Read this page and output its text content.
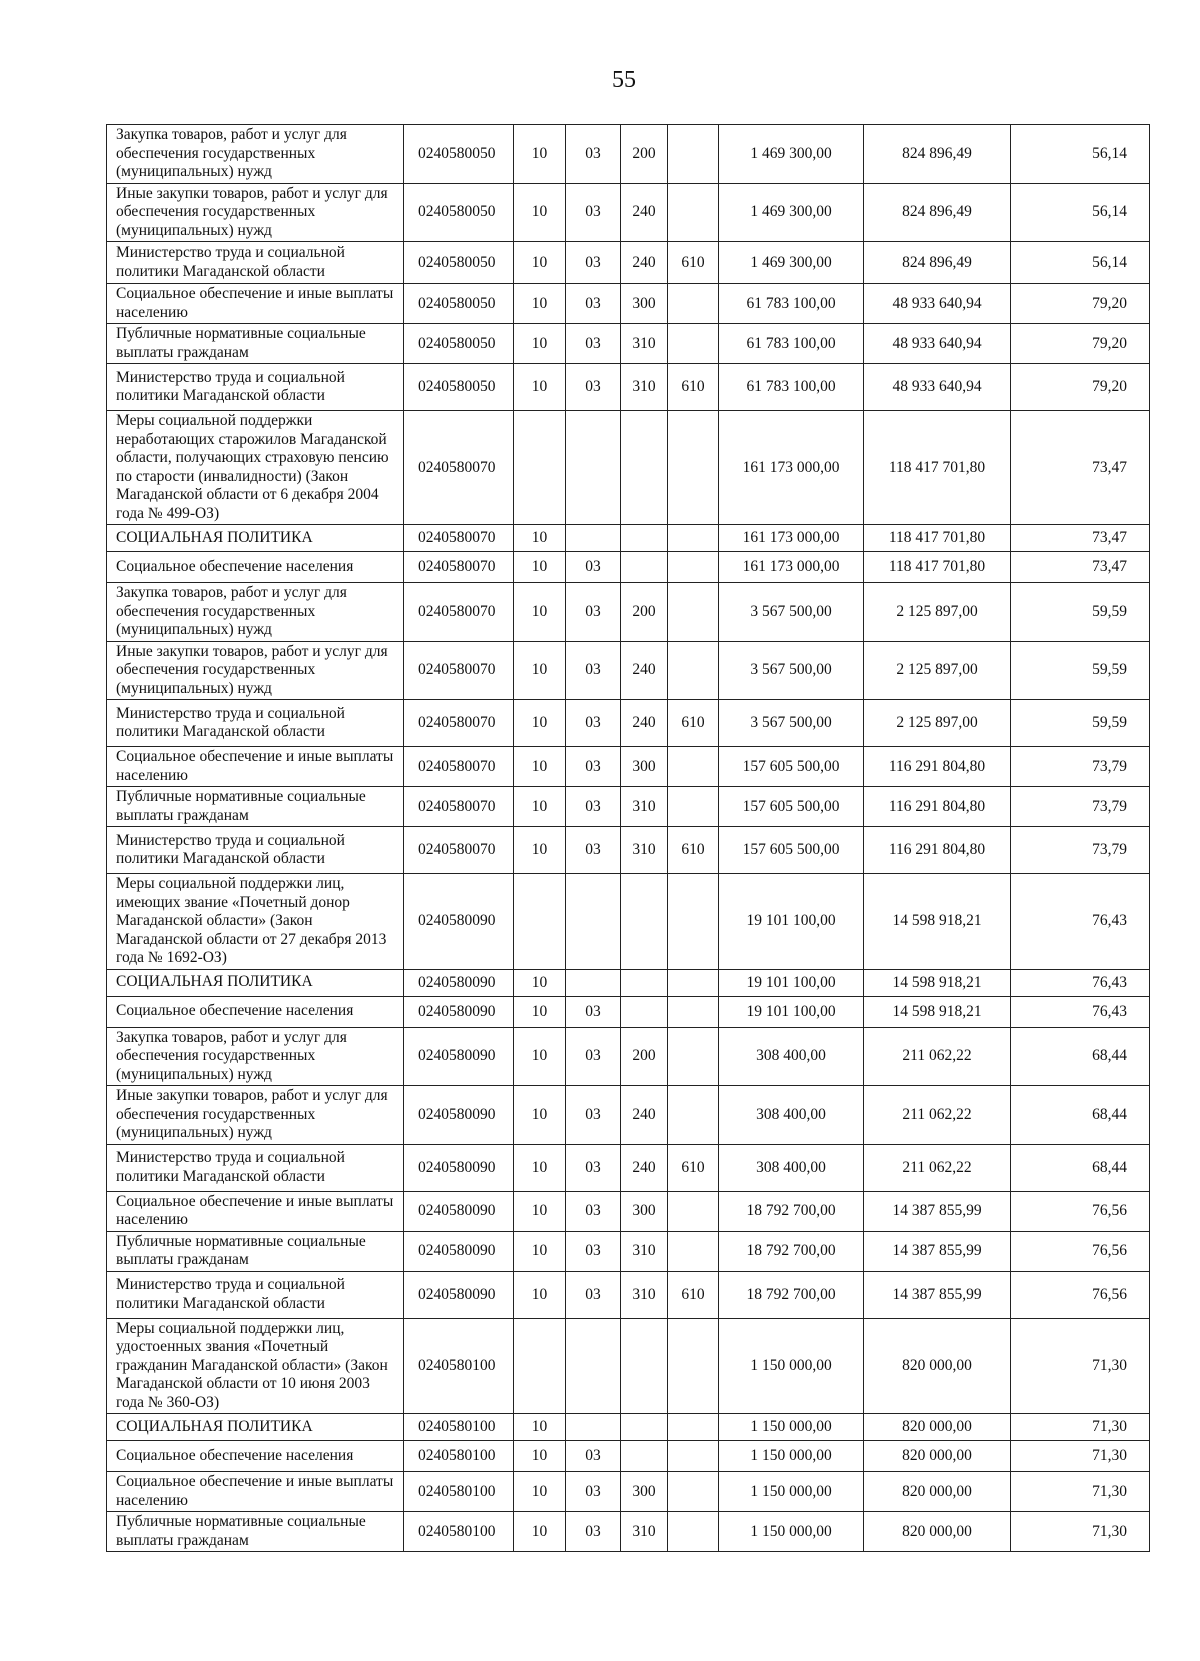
55
Закупка товаров, работ и услуг для обеспечения государственных (муниципальных) нужд	0240580050	10	03	200		1 469 300,00	824 896,49	56,14
Иные закупки товаров, работ и услуг для обеспечения государственных (муниципальных) нужд	0240580050	10	03	240		1 469 300,00	824 896,49	56,14
Министерство труда и социальной политики Магаданской области	0240580050	10	03	240	610	1 469 300,00	824 896,49	56,14
Социальное обеспечение и иные выплаты населению	0240580050	10	03	300		61 783 100,00	48 933 640,94	79,20
Публичные нормативные социальные выплаты гражданам	0240580050	10	03	310		61 783 100,00	48 933 640,94	79,20
Министерство труда и социальной политики Магаданской области	0240580050	10	03	310	610	61 783 100,00	48 933 640,94	79,20
Меры социальной поддержки неработающих старожилов Магаданской области, получающих страховую пенсию по старости (инвалидности) (Закон Магаданской области от 6 декабря 2004 года № 499-ОЗ)	0240580070					161 173 000,00	118 417 701,80	73,47
СОЦИАЛЬНАЯ ПОЛИТИКА	0240580070	10				161 173 000,00	118 417 701,80	73,47
Социальное обеспечение населения	0240580070	10	03			161 173 000,00	118 417 701,80	73,47
Закупка товаров, работ и услуг для обеспечения государственных (муниципальных) нужд	0240580070	10	03	200		3 567 500,00	2 125 897,00	59,59
Иные закупки товаров, работ и услуг для обеспечения государственных (муниципальных) нужд	0240580070	10	03	240		3 567 500,00	2 125 897,00	59,59
Министерство труда и социальной политики Магаданской области	0240580070	10	03	240	610	3 567 500,00	2 125 897,00	59,59
Социальное обеспечение и иные выплаты населению	0240580070	10	03	300		157 605 500,00	116 291 804,80	73,79
Публичные нормативные социальные выплаты гражданам	0240580070	10	03	310		157 605 500,00	116 291 804,80	73,79
Министерство труда и социальной политики Магаданской области	0240580070	10	03	310	610	157 605 500,00	116 291 804,80	73,79
Меры социальной поддержки лиц, имеющих звание «Почетный донор Магаданской области» (Закон Магаданской области от 27 декабря 2013 года № 1692-ОЗ)	0240580090					19 101 100,00	14 598 918,21	76,43
СОЦИАЛЬНАЯ ПОЛИТИКА	0240580090	10				19 101 100,00	14 598 918,21	76,43
Социальное обеспечение населения	0240580090	10	03			19 101 100,00	14 598 918,21	76,43
Закупка товаров, работ и услуг для обеспечения государственных (муниципальных) нужд	0240580090	10	03	200		308 400,00	211 062,22	68,44
Иные закупки товаров, работ и услуг для обеспечения государственных (муниципальных) нужд	0240580090	10	03	240		308 400,00	211 062,22	68,44
Министерство труда и социальной политики Магаданской области	0240580090	10	03	240	610	308 400,00	211 062,22	68,44
Социальное обеспечение и иные выплаты населению	0240580090	10	03	300		18 792 700,00	14 387 855,99	76,56
Публичные нормативные социальные выплаты гражданам	0240580090	10	03	310		18 792 700,00	14 387 855,99	76,56
Министерство труда и социальной политики Магаданской области	0240580090	10	03	310	610	18 792 700,00	14 387 855,99	76,56
Меры социальной поддержки лиц, удостоенных звания «Почетный гражданин Магаданской области» (Закон Магаданской области от 10 июня 2003 года № 360-ОЗ)	0240580100					1 150 000,00	820 000,00	71,30
СОЦИАЛЬНАЯ ПОЛИТИКА	0240580100	10				1 150 000,00	820 000,00	71,30
Социальное обеспечение населения	0240580100	10	03			1 150 000,00	820 000,00	71,30
Социальное обеспечение и иные выплаты населению	0240580100	10	03	300		1 150 000,00	820 000,00	71,30
Публичные нормативные социальные выплаты гражданам	0240580100	10	03	310		1 150 000,00	820 000,00	71,30
